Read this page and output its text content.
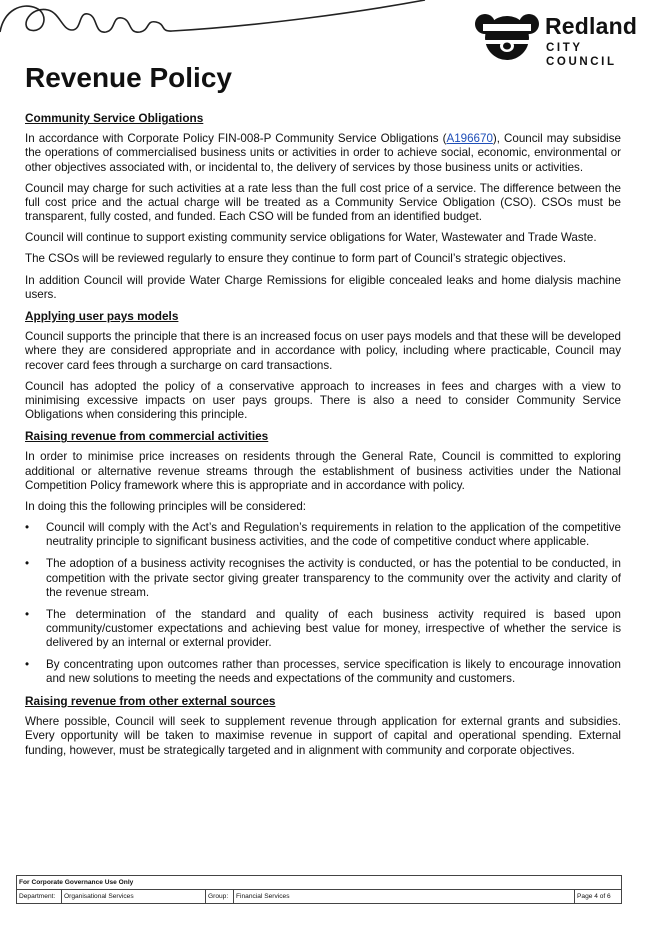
Redland
CITY COUNCIL
Revenue Policy
Community Service Obligations

In accordance with Corporate Policy FIN-008-P Community Service Obligations (A196670), Council may subsidise the operations of commercialised business units or activities in order to achieve social, economic, environmental or other objectives associated with, or incidental to, the delivery of services by those business units or activities.

Council may charge for such activities at a rate less than the full cost price of a service. The difference between the full cost price and the actual charge will be treated as a Community Service Obligation (CSO). CSOs must be transparent, fully costed, and funded. Each CSO will be funded from an identified budget.

Council will continue to support existing community service obligations for Water, Wastewater and Trade Waste.

The CSOs will be reviewed regularly to ensure they continue to form part of Council’s strategic objectives.

In addition Council will provide Water Charge Remissions for eligible concealed leaks and home dialysis machine users.

Applying user pays models

Council supports the principle that there is an increased focus on user pays models and that these will be developed where they are considered appropriate and in accordance with policy, including where practicable, Council may recover card fees through a surcharge on card transactions.

Council has adopted the policy of a conservative approach to increases in fees and charges with a view to minimising excessive impacts on user pays groups. There is also a need to consider Community Service Obligations when considering this principle.

Raising revenue from commercial activities

In order to minimise price increases on residents through the General Rate, Council is committed to exploring additional or alternative revenue streams through the establishment of business activities under the National Competition Policy framework where this is appropriate and in accordance with policy.

In doing this the following principles will be considered:

• Council will comply with the Act’s and Regulation’s requirements in relation to the application of the competitive neutrality principle to significant business activities, and the code of competitive conduct where applicable.
• The adoption of a business activity recognises the activity is conducted, or has the potential to be conducted, in competition with the private sector giving greater transparency to the community over the activity and clarity of the revenue stream.
• The determination of the standard and quality of each business activity required is based upon community/customer expectations and achieving best value for money, irrespective of whether the service is delivered by an internal or external provider.
• By concentrating upon outcomes rather than processes, service specification is likely to encourage innovation and new solutions to meeting the needs and expectations of the community and customers.
Raising revenue from other external sources

Where possible, Council will seek to supplement revenue through application for external grants and subsidies. Every opportunity will be taken to maximise revenue in support of capital and operational spending. External funding, however, must be strategically targeted and in alignment with community and corporate objectives.

For Corporate Governance Use Only
Department:	Organisational Services	Group:	Financial Services	Page 4 of 6
